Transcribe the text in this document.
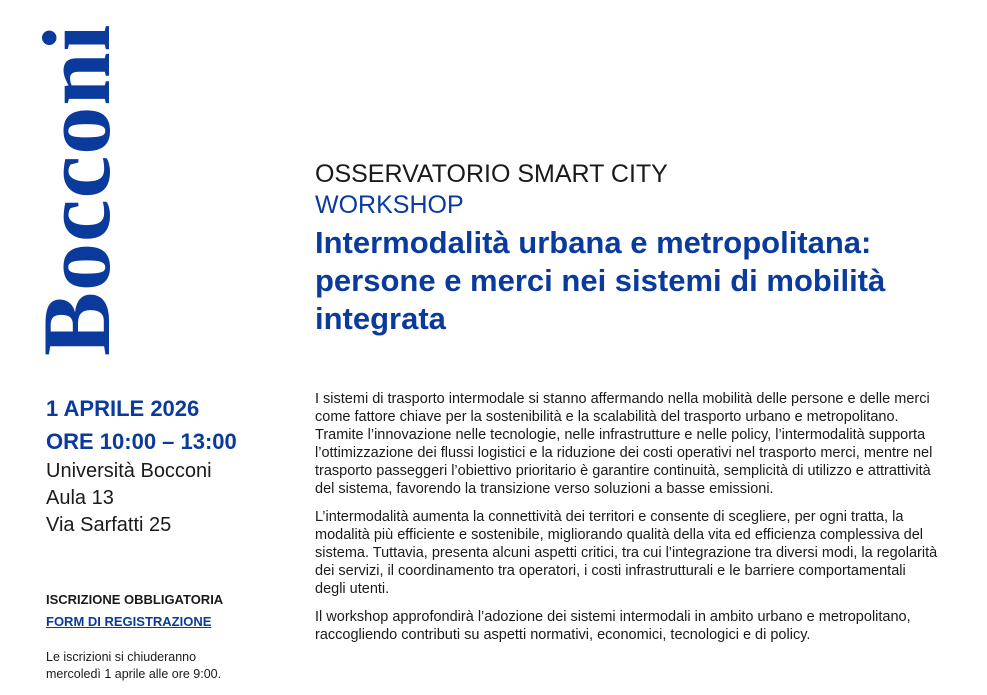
Bocconi
1 APRILE 2026
ORE 10:00 – 13:00
Università Bocconi
Aula 13
Via Sarfatti 25
ISCRIZIONE OBBLIGATORIA
FORM DI REGISTRAZIONE
Le iscrizioni si chiuderanno
mercoledì 1 aprile alle ore 9:00.
OSSERVATORIO SMART CITY
WORKSHOP
Intermodalità urbana e metropolitana: persone e merci nei sistemi di mobilità integrata

I sistemi di trasporto intermodale si stanno affermando nella mobilità delle persone e delle merci come fattore chiave per la sostenibilità e la scalabilità del trasporto urbano e metropolitano. Tramite l’innovazione nelle tecnologie, nelle infrastrutture e nelle policy, l’intermodalità supporta l’ottimizzazione dei flussi logistici e la riduzione dei costi operativi nel trasporto merci, mentre nel trasporto passeggeri l’obiettivo prioritario è garantire continuità, semplicità di utilizzo e attrattività del sistema, favorendo la transizione verso soluzioni a basse emissioni.

L’intermodalità aumenta la connettività dei territori e consente di scegliere, per ogni tratta, la modalità più efficiente e sostenibile, migliorando qualità della vita ed efficienza complessiva del sistema. Tuttavia, presenta alcuni aspetti critici, tra cui l’integrazione tra diversi modi, la regolarità dei servizi, il coordinamento tra operatori, i costi infrastrutturali e le barriere comportamentali degli utenti.

Il workshop approfondirà l’adozione dei sistemi intermodali in ambito urbano e metropolitano, raccogliendo contributi su aspetti normativi, economici, tecnologici e di policy.
